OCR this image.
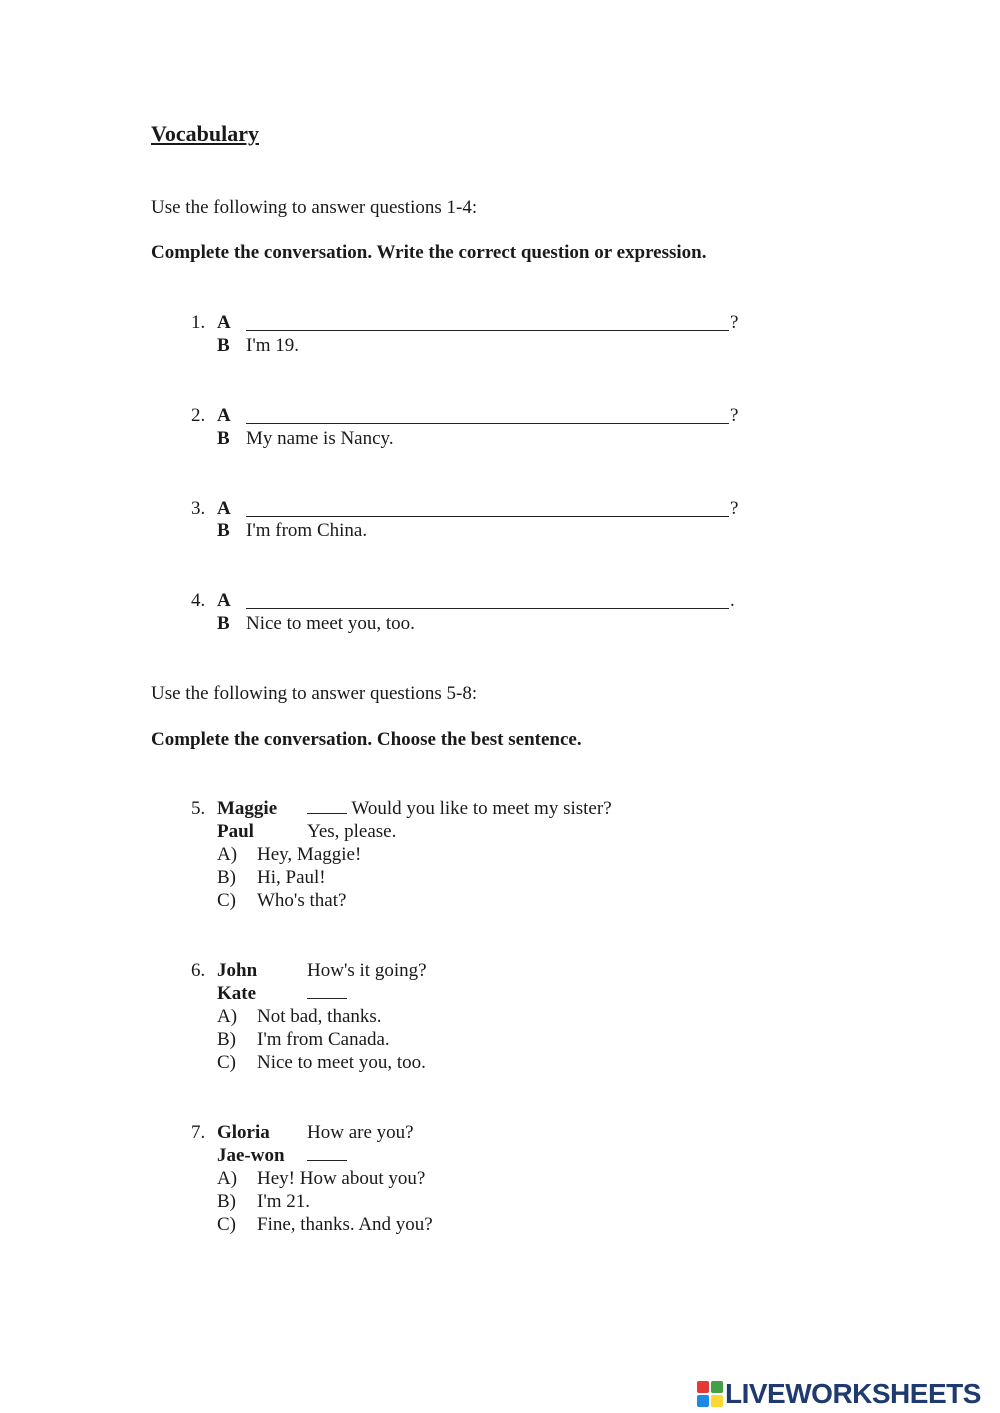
Vocabulary
Use the following to answer questions 1-4:
Complete the conversation. Write the correct question or expression.
1. A	?
B I'm 19.
2. A	?
B My name is Nancy.
3. A	?
B I'm from China.
4. A	.
B Nice to meet you, too.
Use the following to answer questions 5-8:
Complete the conversation. Choose the best sentence.
5. Maggie	Would you like to meet my sister?
Paul	Yes, please.
A) Hey, Maggie!
B) Hi, Paul!
C) Who's that?
6. John	How's it going?
Kate
A) Not bad, thanks.
B) I'm from Canada.
C) Nice to meet you, too.
7. Gloria How are you?
Jae-won
A) Hey! How about you?
B) I'm 21.
C) Fine, thanks. And you?
LIVEWORKSHEETS
